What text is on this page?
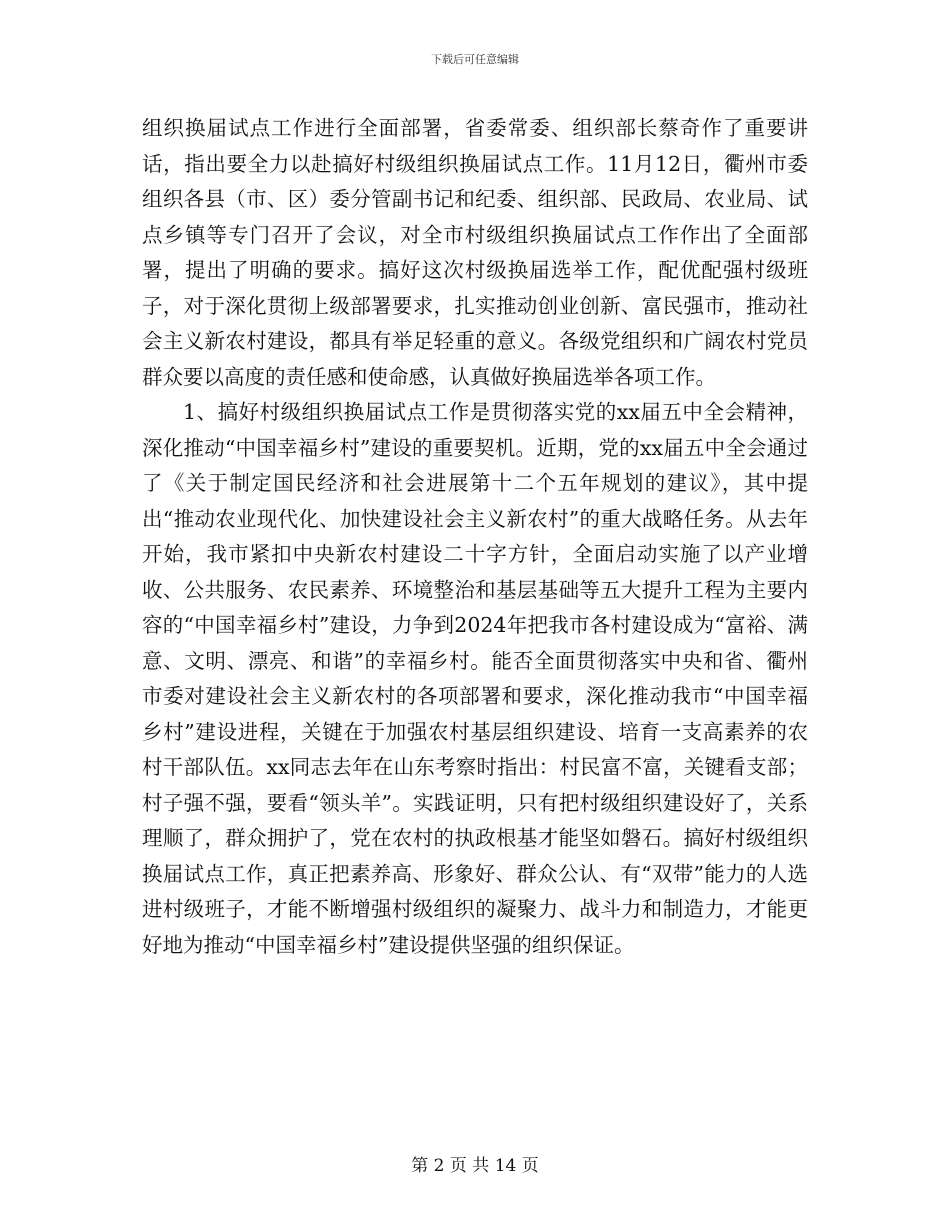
下载后可任意编辑

组织换届试点工作进行全面部署，省委常委、组织部长蔡奇作了重要讲话，指出要全力以赴搞好村级组织换届试点工作。11月12日，衢州市委组织各县（市、区）委分管副书记和纪委、组织部、民政局、农业局、试点乡镇等专门召开了会议，对全市村级组织换届试点工作作出了全面部署，提出了明确的要求。搞好这次村级换届选举工作，配优配强村级班子，对于深化贯彻上级部署要求，扎实推动创业创新、富民强市，推动社会主义新农村建设，都具有举足轻重的意义。各级党组织和广阔农村党员群众要以高度的责任感和使命感，认真做好换届选举各项工作。

1、搞好村级组织换届试点工作是贯彻落实党的xx届五中全会精神，深化推动“中国幸福乡村”建设的重要契机。近期，党的xx届五中全会通过了《关于制定国民经济和社会进展第十二个五年规划的建议》，其中提出“推动农业现代化、加快建设社会主义新农村”的重大战略任务。从去年开始，我市紧扣中央新农村建设二十字方针，全面启动实施了以产业增收、公共服务、农民素养、环境整治和基层基础等五大提升工程为主要内容的“中国幸福乡村”建设，力争到2024年把我市各村建设成为“富裕、满意、文明、漂亮、和谐”的幸福乡村。能否全面贯彻落实中央和省、衢州市委对建设社会主义新农村的各项部署和要求，深化推动我市“中国幸福乡村”建设进程，关键在于加强农村基层组织建设、培育一支高素养的农村干部队伍。xx同志去年在山东考察时指出：村民富不富，关键看支部；村子强不强，要看“领头羊”。实践证明，只有把村级组织建设好了，关系理顺了，群众拥护了，党在农村的执政根基才能坚如磐石。搞好村级组织换届试点工作，真正把素养高、形象好、群众公认、有“双带”能力的人选进村级班子，才能不断增强村级组织的凝聚力、战斗力和制造力，才能更好地为推动“中国幸福乡村”建设提供坚强的组织保证。

第 2 页 共 14 页
